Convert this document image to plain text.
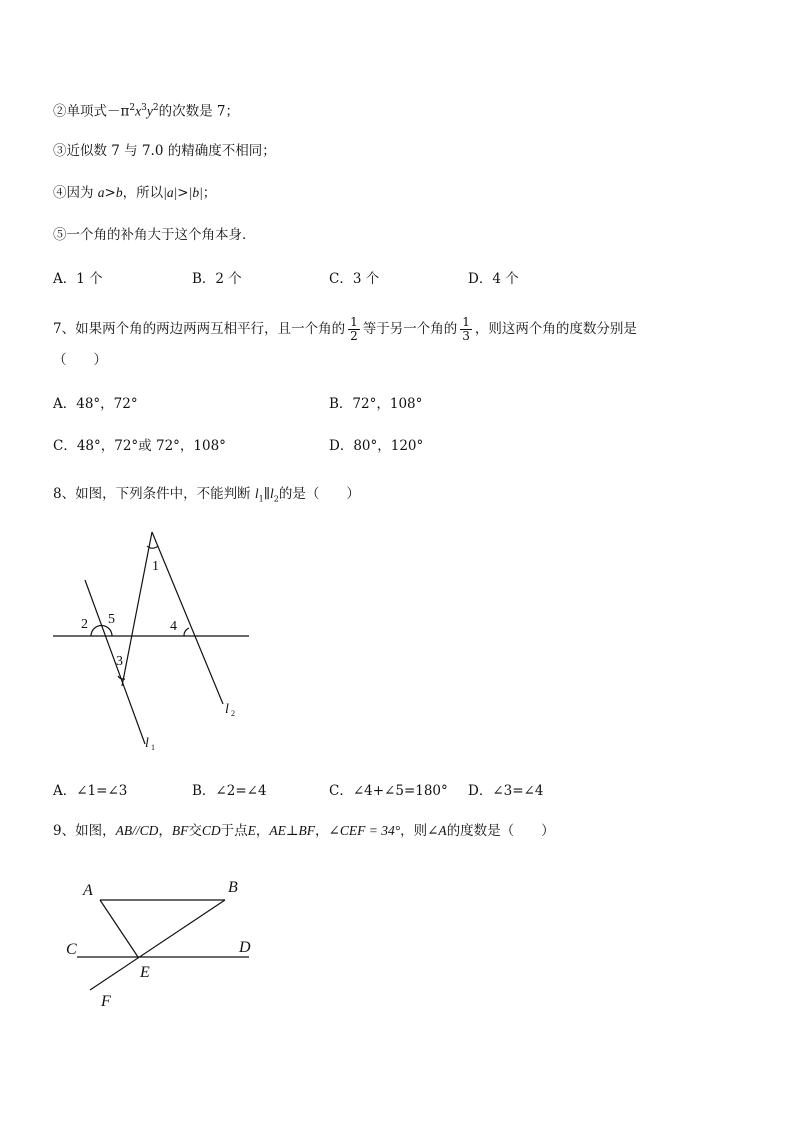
②单项式$-\pi^2x^3y^2$的次数是 7；
③近似数 7 与 7.0 的精确度不相同；
④因为 a>b，所以|a|>|b|；
⑤一个角的补角大于这个角本身．
A．1 个	B．2 个	C．3 个	D．4 个
7、如果两个角的两边两两互相平行，且一个角的 $\frac{1}{2}$ 等于另一个角的 $\frac{1}{3}$ ，则这两个角的度数分别是
（　　）
A．48°，72°	B．72°，108°
C．48°，72°或 72°，108°	D．80°，120°
8、如图，下列条件中，不能判断 $l_1\parallel l_2$的是（　　）
1
2
3
4
5
l 1
l 2
A．∠1=∠3	B．∠2=∠4	C．∠4+∠5=180° D．∠3=∠4
9、如图，AB//CD，BF交CD于点E，AE⊥BF，∠CEF = 34°，则∠A的度数是（　　）
A	B
C	D
E
F
